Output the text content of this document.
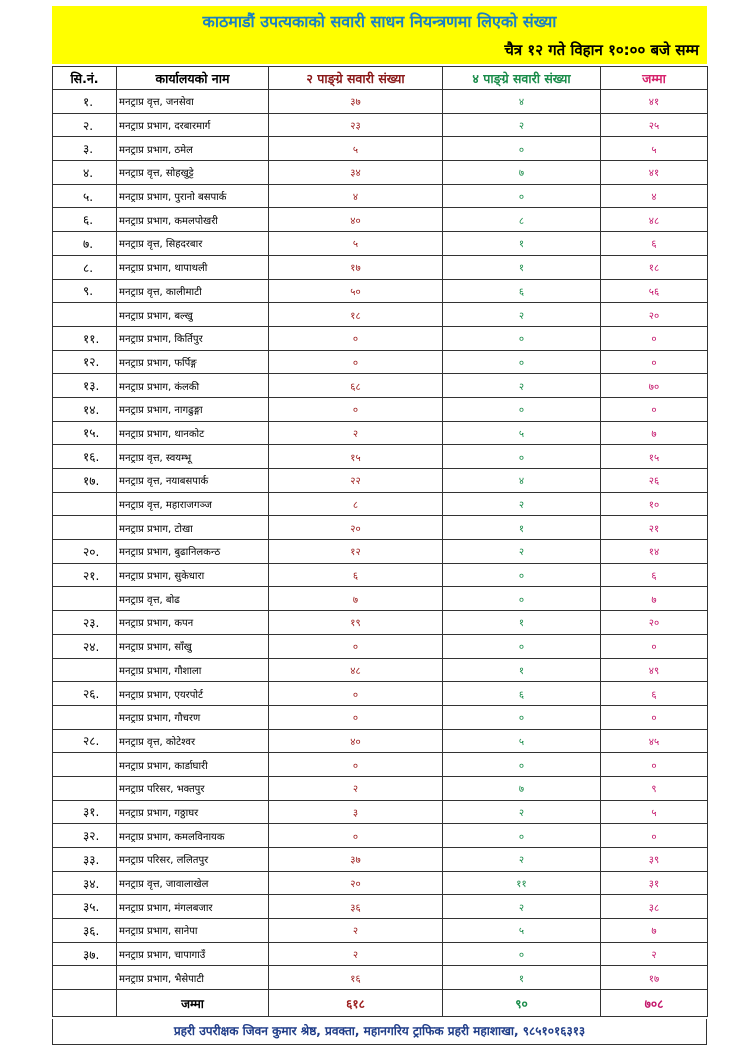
काठमाडौं उपत्यकाको सवारी साधन नियन्त्रणमा लिएको संख्या
चैत्र १२ गते विहान १०:०० बजे सम्म
सि.नं.	कार्यालयको नाम	२ पाङ्ग्रे सवारी संख्या	४ पाङ्ग्रे सवारी संख्या	जम्मा
१.	मनट्राप्र वृत्त, जनसेवा	३७	४	४१
२.	मनट्राप्र प्रभाग, दरबारमार्ग	२३	२	२५
३.	मनट्राप्र प्रभाग, ठमेल	५	०	५
४.	मनट्राप्र वृत्त, सोहखुट्टे	३४	७	४१
५.	मनट्राप्र प्रभाग, पुरानो बसपार्क	४	०	४
६.	मनट्राप्र प्रभाग, कमलपोखरी	४०	८	४८
७.	मनट्राप्र वृत्त, सिहदरबार	५	१	६
८.	मनट्राप्र प्रभाग, थापाथली	१७	१	१८
९.	मनट्राप्र वृत्त, कालीमाटी	५०	६	५६
	मनट्राप्र प्रभाग, बल्खु	१८	२	२०
११.	मनट्राप्र प्रभाग, किर्तिपुर	०	०	०
१२.	मनट्राप्र प्रभाग, फर्पिङ्ग	०	०	०
१३.	मनट्राप्र प्रभाग, कंलकी	६८	२	७०
१४.	मनट्राप्र प्रभाग, नागढुङ्गा	०	०	०
१५.	मनट्राप्र प्रभाग, थानकोट	२	५	७
१६.	मनट्राप्र वृत्त, स्वयम्भू	१५	०	१५
१७.	मनट्राप्र वृत्त, नयाबसपार्क	२२	४	२६
	मनट्राप्र वृत्त, महाराजगञ्ज	८	२	१०
	मनट्राप्र प्रभाग, टोखा	२०	१	२१
२०.	मनट्राप्र प्रभाग, बुढानिलकन्ठ	१२	२	१४
२१.	मनट्राप्र प्रभाग, सुकेधारा	६	०	६
	मनट्राप्र वृत्त, बोढ	७	०	७
२३.	मनट्राप्र प्रभाग, कपन	१९	१	२०
२४.	मनट्राप्र प्रभाग, साँखु	०	०	०
	मनट्राप्र प्रभाग, गौशाला	४८	१	४९
२६.	मनट्राप्र प्रभाग, एयरपोर्ट	०	६	६
	मनट्राप्र प्रभाग, गौचरण	०	०	०
२८.	मनट्राप्र वृत्त, कोटेश्वर	४०	५	४५
	मनट्राप्र प्रभाग, कार्डाघारी	०	०	०
	मनट्राप्र परिसर, भक्तपुर	२	७	९
३१.	मनट्राप्र प्रभाग, गठ्ठाघर	३	२	५
३२.	मनट्राप्र प्रभाग, कमलविनायक	०	०	०
३३.	मनट्राप्र परिसर, ललितपुर	३७	२	३९
३४.	मनट्राप्र वृत्त, जावालाखेल	२०	११	३१
३५.	मनट्राप्र प्रभाग, मंगलबजार	३६	२	३८
३६.	मनट्राप्र प्रभाग, सानेपा	२	५	७
३७.	मनट्राप्र प्रभाग, चापागाउँ	२	०	२
	मनट्राप्र प्रभाग, भैसेपाटी	१६	१	१७
	जम्मा	६१८	९०	७०८
प्रहरी उपरीक्षक जिवन कुमार श्रेष्ठ, प्रवक्ता, महानगरिय ट्राफिक प्रहरी महाशाखा, ९८५१०१६३१३
